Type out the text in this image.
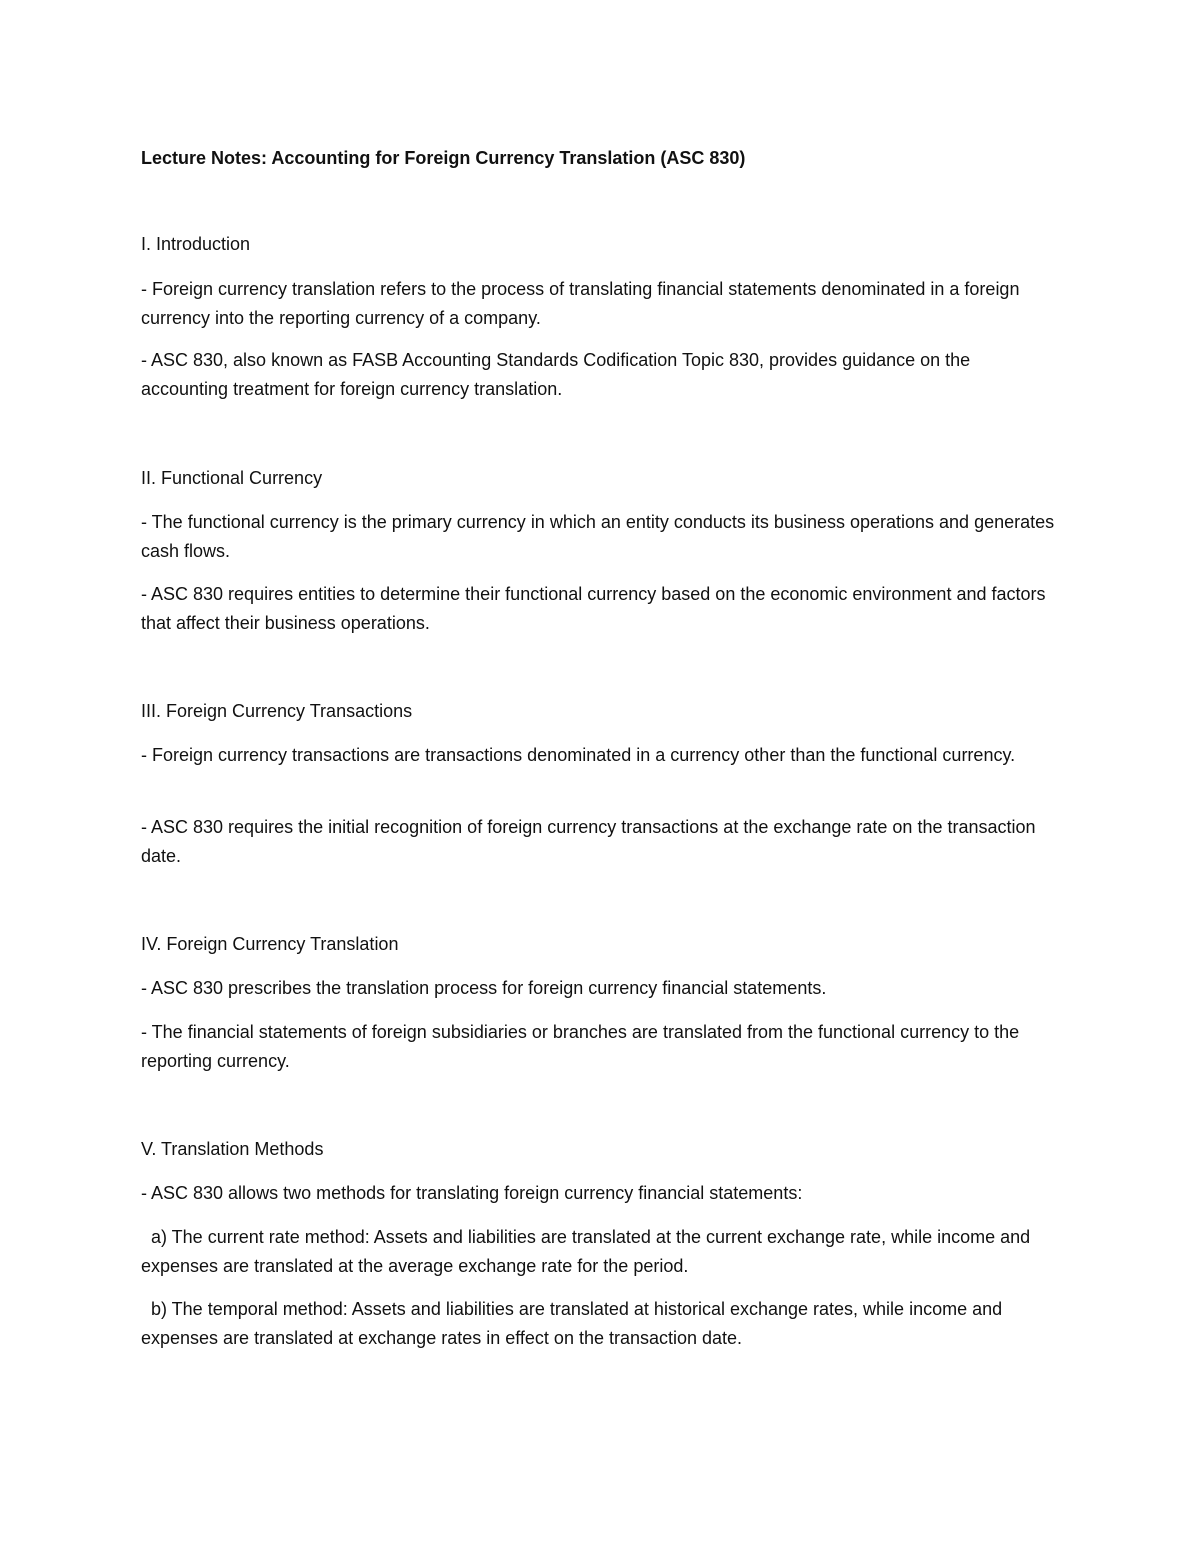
Lecture Notes: Accounting for Foreign Currency Translation (ASC 830)
I. Introduction
- Foreign currency translation refers to the process of translating financial statements denominated in a foreign currency into the reporting currency of a company.
- ASC 830, also known as FASB Accounting Standards Codification Topic 830, provides guidance on the accounting treatment for foreign currency translation.
II. Functional Currency
- The functional currency is the primary currency in which an entity conducts its business operations and generates cash flows.
- ASC 830 requires entities to determine their functional currency based on the economic environment and factors that affect their business operations.
III. Foreign Currency Transactions
- Foreign currency transactions are transactions denominated in a currency other than the functional currency.
- ASC 830 requires the initial recognition of foreign currency transactions at the exchange rate on the transaction date.
IV. Foreign Currency Translation
- ASC 830 prescribes the translation process for foreign currency financial statements.
- The financial statements of foreign subsidiaries or branches are translated from the functional currency to the reporting currency.
V. Translation Methods
- ASC 830 allows two methods for translating foreign currency financial statements:
a) The current rate method: Assets and liabilities are translated at the current exchange rate, while income and expenses are translated at the average exchange rate for the period.
b) The temporal method: Assets and liabilities are translated at historical exchange rates, while income and expenses are translated at exchange rates in effect on the transaction date.
